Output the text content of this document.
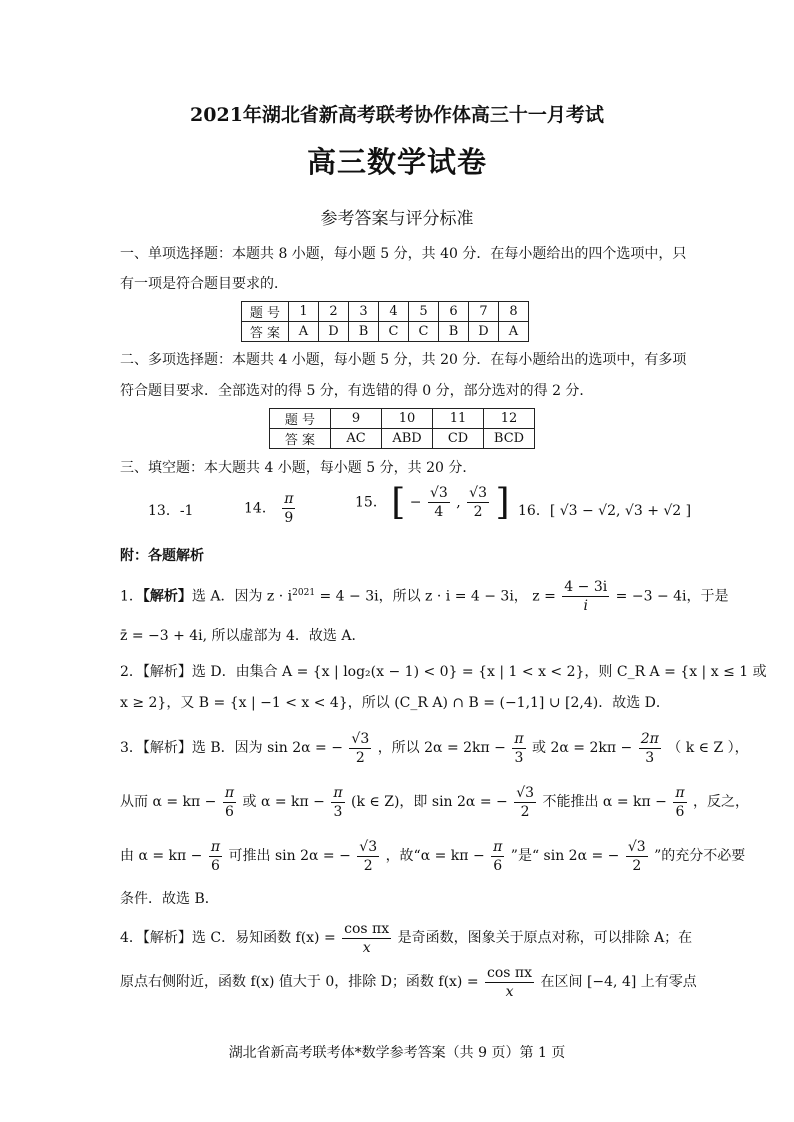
2021年湖北省新高考联考协作体高三十一月考试
高三数学试卷
参考答案与评分标准
一、单项选择题：本题共 8 小题，每小题 5 分，共 40 分．在每小题给出的四个选项中，只
有一项是符合题目要求的．
题 号	1	2	3	4	5	6	7	8
答 案	A	D	B	C	C	B	D	A
二、多项选择题：本题共 4 小题，每小题 5 分，共 20 分．在每小题给出的选项中，有多项
符合题目要求．全部选对的得 5 分，有选错的得 0 分，部分选对的得 2 分．
题 号	9	10	11	12
答 案	AC	ABD	CD	BCD
三、填空题：本大题共 4 小题，每小题 5 分，共 20 分．
13．-1	14． $\frac{\pi}{9}$	15． [ − $\frac{√3}{4}$ , $\frac{√3}{2}$ ] 16．[ √3 − √2, √3 + √2 ]
附：各题解析
1．【解析】选 A．因为 $z \cdot i^{2021} = 4 - 3i$，所以 z · i = 4 − 3i， $z = \frac{4 - 3i}{i} = -3 - 4i$，于是
z̄ = −3 + 4i, 所以虚部为 4．故选 A．
2．【解析】选 D．由集合 A = {x | log₂(x − 1) < 0} = {x | 1 < x < 2}，则 C_R A = {x | x ≤ 1 或
x ≥ 2}，又 B = {x | −1 < x < 4}，所以 (C_R A) ∩ B = (−1,1] ∪ [2,4)．故选 D．
3．【解析】选 B．因为 sin 2α = − $\frac{√3}{2}$ ，所以 $2\alpha = 2k\pi - \frac{\pi}{3}$ 或 $2\alpha = 2k\pi - \frac{2\pi}{3}$ （ k ∈ Z ），
从而 $\alpha = k\pi - \frac{\pi}{6}$ 或 $\alpha = k\pi - \frac{\pi}{3} (k$ ∈ Z)，即 sin 2α = − $\frac{√3}{2}$ 不能推出 $\alpha = k\pi - \frac{\pi}{6}$ ，反之，
由 $\alpha = k\pi - \frac{\pi}{6}$ 可推出 sin 2α = − $\frac{√3}{2}$ ，故“$\alpha = k\pi - \frac{\pi}{6}$ ”是“ sin 2α = − $\frac{√3}{2}$ ”的充分不必要
条件．故选 B．
4．【解析】选 C．易知函数 $f(x) = \frac{\text{cos πx}}{x}$ 是奇函数，图象关于原点对称，可以排除 A；在
原点右侧附近，函数 f(x) 值大于 0，排除 D；函数 $f(x) = \frac{\text{cos πx}}{x}$ 在区间 [−4, 4] 上有零点
湖北省新高考联考体*数学参考答案（共 9 页）第 1 页
